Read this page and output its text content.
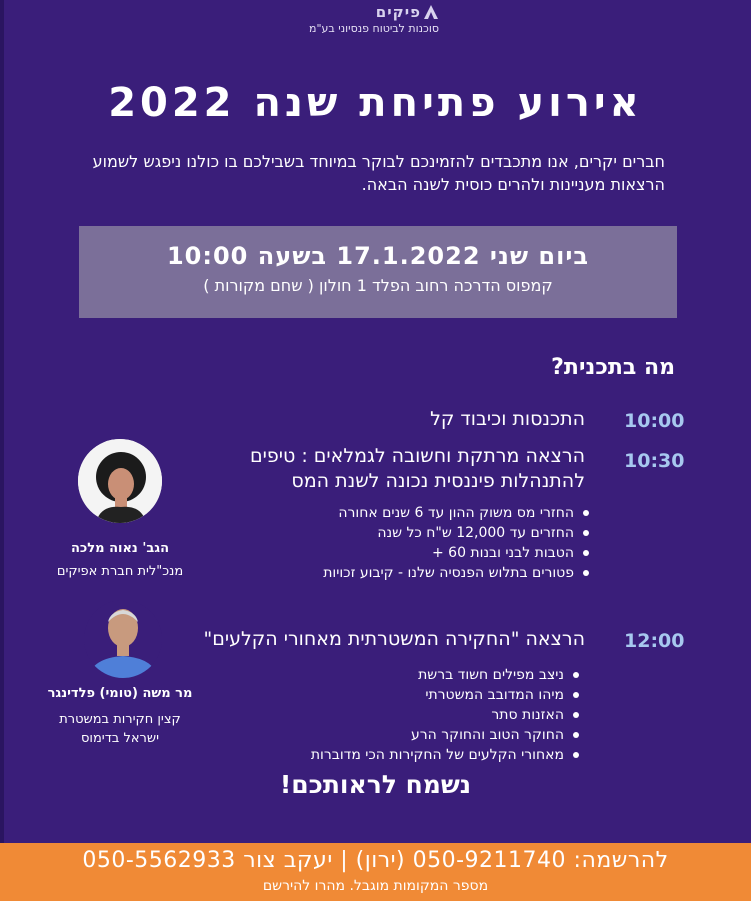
פיקים
סוכנות לביטוח פנסיוני בע"מ
אירוע פתיחת שנה 2022
חברים יקרים, אנו מתכבדים להזמינכם לבוקר במיוחד בשבילכם בו כולנו ניפגש לשמוע הרצאות מעניינות ולהרים כוסית לשנה הבאה.
ביום שני 17.1.2022 בשעה 10:00
קמפוס הדרכה רחוב הפלד 1 חולון ( שחם מקורות )
מה בתכנית?
10:00
התכנסות וכיבוד קל
10:30
הרצאה מרתקת וחשובה לגמלאים : טיפים להתנהלות פיננסית נכונה לשנת המס
החזרי מס משוק ההון עד 6 שנים אחורה
החזרים עד 12,000 ש"ח כל שנה
הטבות לבני ובנות 60 +
פטורים בתלוש הפנסיה שלנו - קיבוע זכויות
הגב' נאוה מלכה
מנכ"לית חברת אפיקים
12:00
הרצאה "החקירה המשטרתית מאחורי הקלעים"
ניצב מפילים חשוד ברשת
מיהו המדובב המשטרתי
האזנות סתר
החוקר הטוב והחוקר הרע
מאחורי הקלעים של החקירות הכי מדוברות
מר משה (טומי) פלדינגר
קצין חקירות במשטרת
ישראל בדימוס
נשמח לראותכם!
להרשמה: 050-9211740 (ירון) | יעקב צור 050-5562933
מספר המקומות מוגבל. מהרו להירשם
